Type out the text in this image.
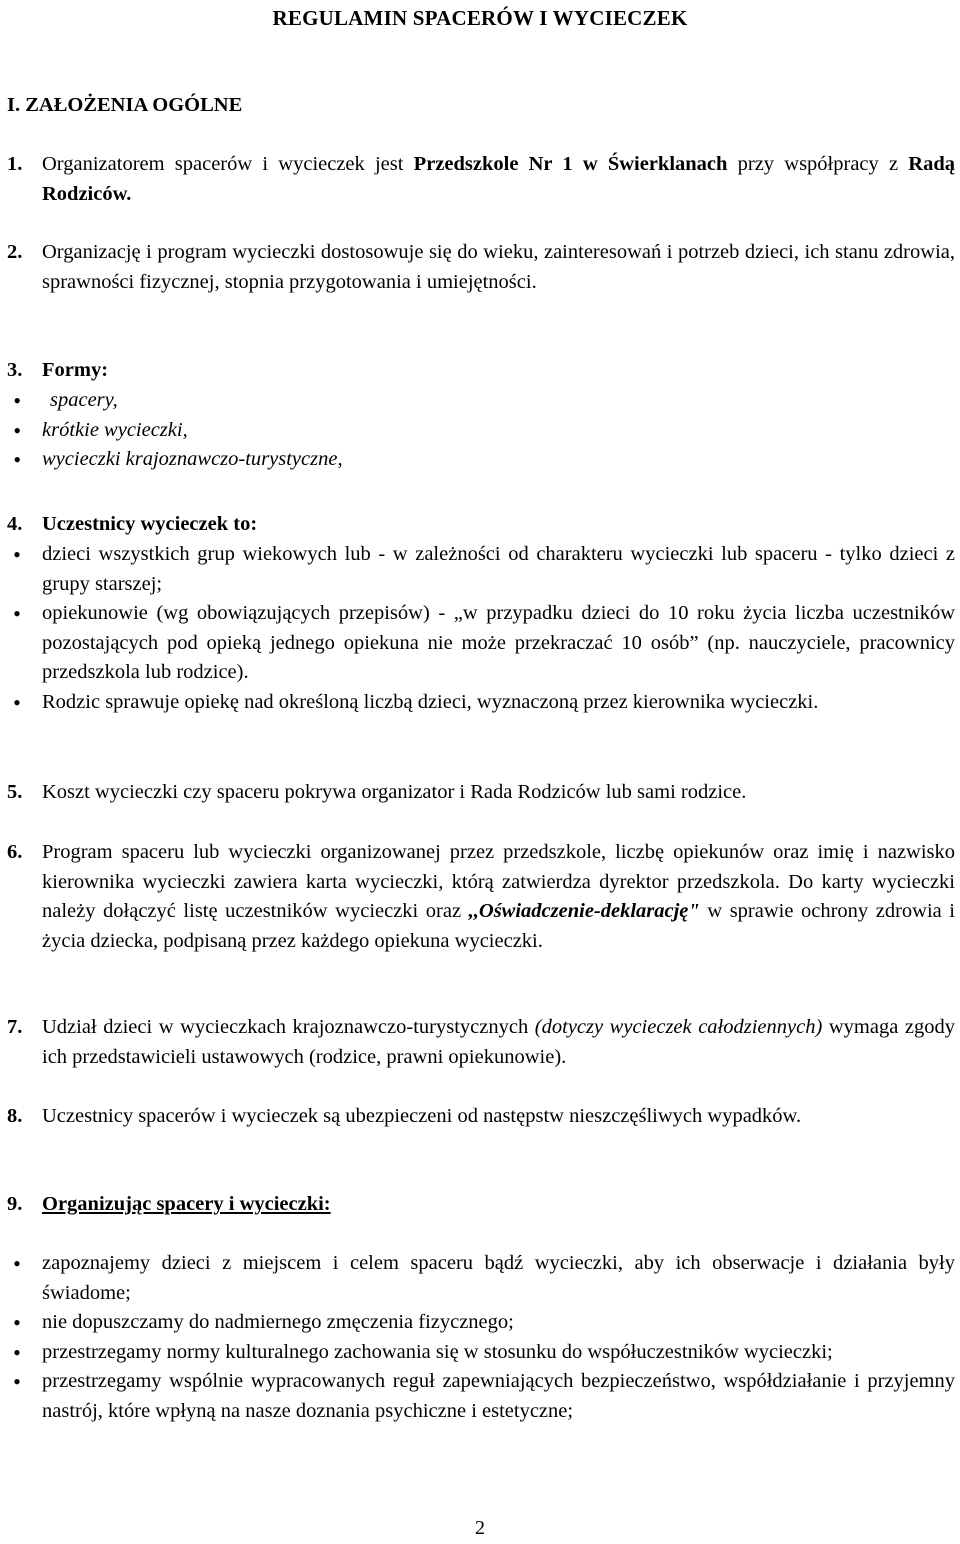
REGULAMIN SPACERÓW I WYCIECZEK
I. ZAŁOŻENIA OGÓLNE
1. Organizatorem spacerów i wycieczek jest Przedszkole Nr 1 w Świerklanach przy współpracy z Radą Rodziców.
2. Organizację i program wycieczki dostosowuje się do wieku, zainteresowań i potrzeb dzieci, ich stanu zdrowia, sprawności fizycznej, stopnia przygotowania i umiejętności.
3. Formy:
•
spacery,
•
krótkie wycieczki,
•
wycieczki krajoznawczo-turystyczne,
4. Uczestnicy wycieczek to:
•
dzieci wszystkich grup wiekowych lub - w zależności od charakteru wycieczki lub spaceru - tylko dzieci z grupy starszej;
•
opiekunowie (wg obowiązujących przepisów) - „w przypadku dzieci do 10 roku życia liczba uczestników pozostających pod opieką jednego opiekuna nie może przekraczać 10 osób” (np. nauczyciele, pracownicy przedszkola lub rodzice).
•
Rodzic sprawuje opiekę nad określoną liczbą dzieci, wyznaczoną przez kierownika wycieczki.
5. Koszt wycieczki czy spaceru pokrywa organizator i Rada Rodziców lub sami rodzice.
6. Program spaceru lub wycieczki organizowanej przez przedszkole, liczbę opiekunów oraz imię i nazwisko kierownika wycieczki zawiera karta wycieczki, którą zatwierdza dyrektor przedszkola. Do karty wycieczki należy dołączyć listę uczestników wycieczki oraz ,,Oświadczenie-deklarację" w sprawie ochrony zdrowia i życia dziecka, podpisaną przez każdego opiekuna wycieczki.
7. Udział dzieci w wycieczkach krajoznawczo-turystycznych (dotyczy wycieczek całodziennych) wymaga zgody ich przedstawicieli ustawowych (rodzice, prawni opiekunowie).
8. Uczestnicy spacerów i wycieczek są ubezpieczeni od następstw nieszczęśliwych wypadków.
9. Organizując spacery i wycieczki:
•
zapoznajemy dzieci z miejscem i celem spaceru bądź wycieczki, aby ich obserwacje i działania były świadome;
•
nie dopuszczamy do nadmiernego zmęczenia fizycznego;
•
przestrzegamy normy kulturalnego zachowania się w stosunku do współuczestników wycieczki;
•
przestrzegamy wspólnie wypracowanych reguł zapewniających bezpieczeństwo, współdziałanie i przyjemny nastrój, które wpłyną na nasze doznania psychiczne i estetyczne;
2
